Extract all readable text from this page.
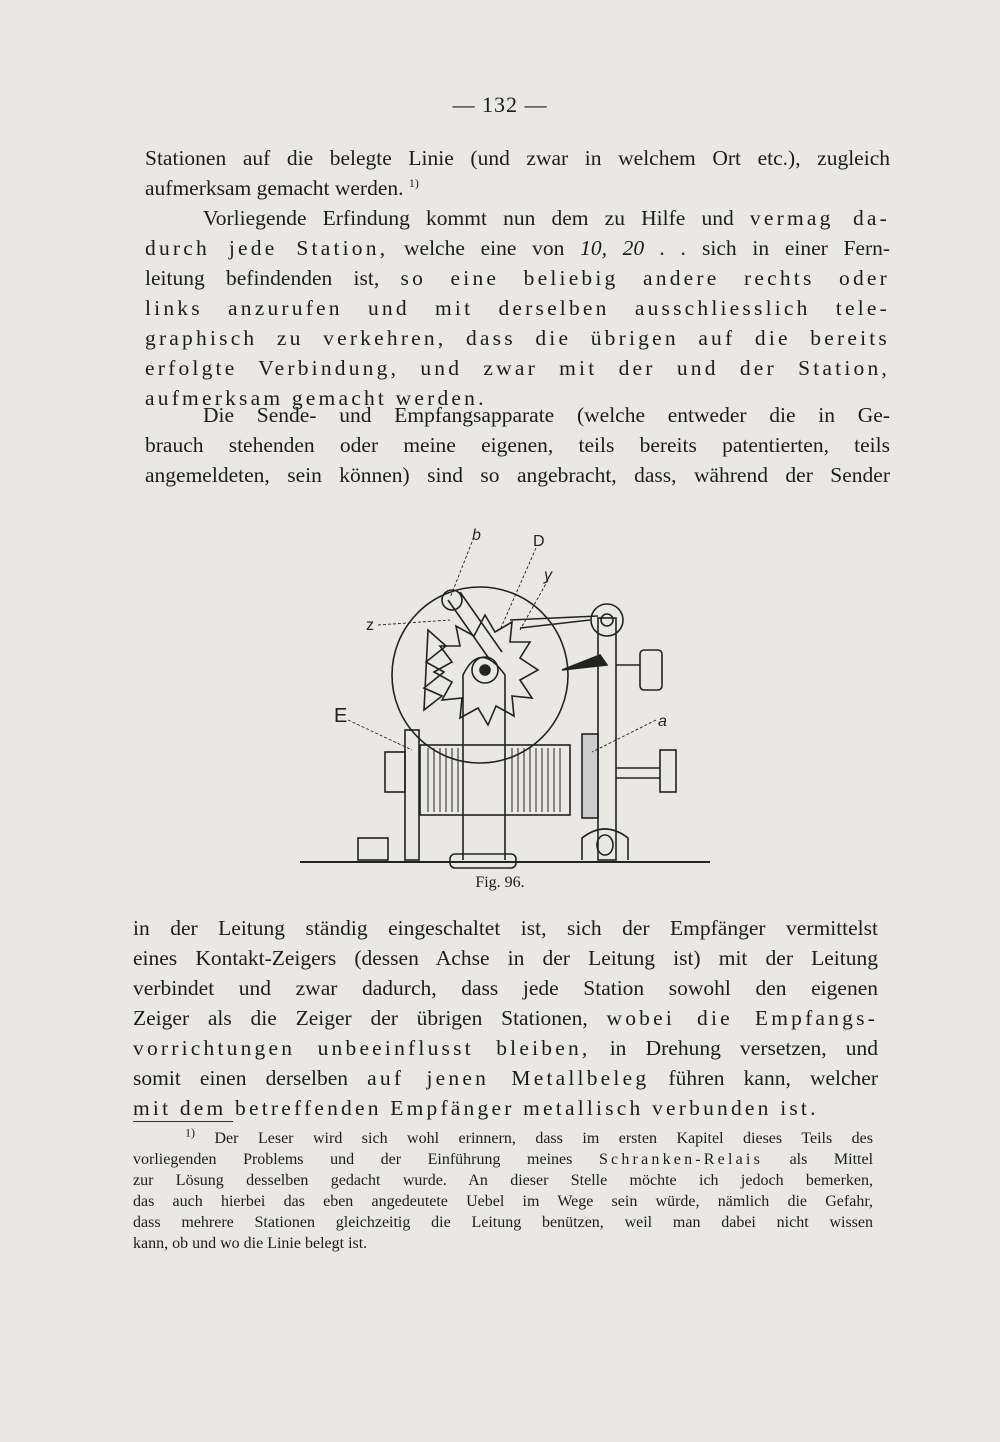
— 132 —
Stationen auf die belegte Linie (und zwar in welchem Ort etc.), zugleich
aufmerksam gemacht werden. $^{1)}$
Vorliegende Erfindung kommt nun dem zu Hilfe und vermag da-
durch jede Station, welche eine von 10, 20 . . sich in einer Fern-
leitung befindenden ist, so eine beliebig andere rechts oder
links anzurufen und mit derselben ausschliesslich tele-
graphisch zu verkehren, dass die übrigen auf die bereits
erfolgte Verbindung, und zwar mit der und der Station,
aufmerksam gemacht werden.
Die Sende- und Empfangsapparate (welche entweder die in Ge-
brauch stehenden oder meine eigenen, teils bereits patentierten, teils
angemeldeten, sein können) sind so angebracht, dass, während der Sender
b	D
y
z
E	a
Fig. 96.
in der Leitung ständig eingeschaltet ist, sich der Empfänger vermittelst
eines Kontakt-Zeigers (dessen Achse in der Leitung ist) mit der Leitung
verbindet und zwar dadurch, dass jede Station sowohl den eigenen
Zeiger als die Zeiger der übrigen Stationen, wobei die Empfangs-
vorrichtungen unbeeinflusst bleiben, in Drehung versetzen, und
somit einen derselben auf jenen Metallbeleg führen kann, welcher
mit dem betreffenden Empfänger metallisch verbunden ist.
$^{1)}$ Der Leser wird sich wohl erinnern, dass im ersten Kapitel dieses Teils des
vorliegenden Problems und der Einführung meines Schranken-Relais als Mittel
zur Lösung desselben gedacht wurde. An dieser Stelle möchte ich jedoch bemerken,
das auch hierbei das eben angedeutete Uebel im Wege sein würde, nämlich die Gefahr,
dass mehrere Stationen gleichzeitig die Leitung benützen, weil man dabei nicht wissen
kann, ob und wo die Linie belegt ist.
